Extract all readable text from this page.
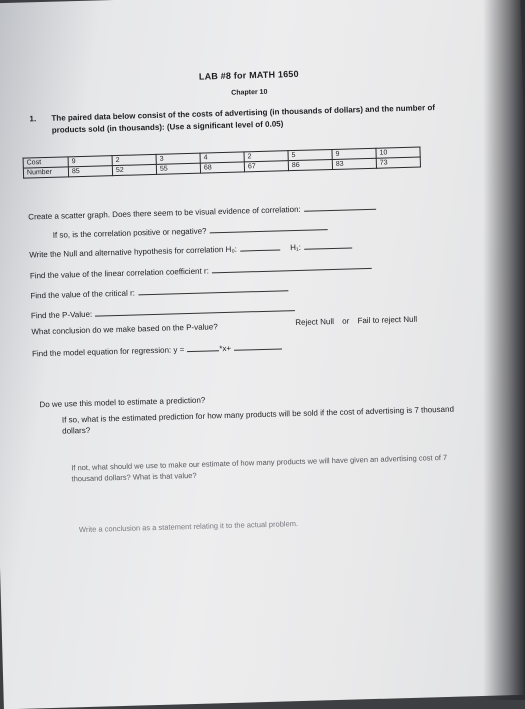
LAB #8 for MATH 1650
Chapter 10
1. The paired data below consist of the costs of advertising (in thousands of dollars) and the number of products sold (in thousands): (Use a significant level of 0.05)
Cost	9	2	3	4	2	5	9	10
Number	85	52	55	68	67	86	83	73
Create a scatter graph. Does there seem to be visual evidence of correlation:
If so, is the correlation positive or negative?
Write the Null and alternative hypothesis for correlation H₀:	H₁:
Find the value of the linear correlation coefficient r:
Find the value of the critical r:
Find the P-Value:
What conclusion do we make based on the P-value?
Reject Null or Fail to reject Null
Find the model equation for regression: y =	*x+
Do we use this model to estimate a prediction?
If so, what is the estimated prediction for how many products will be sold if the cost of advertising is 7 thousand dollars?
If not, what should we use to make our estimate of how many products we will have given an advertising cost of 7 thousand dollars? What is that value?
Write a conclusion as a statement relating it to the actual problem.
